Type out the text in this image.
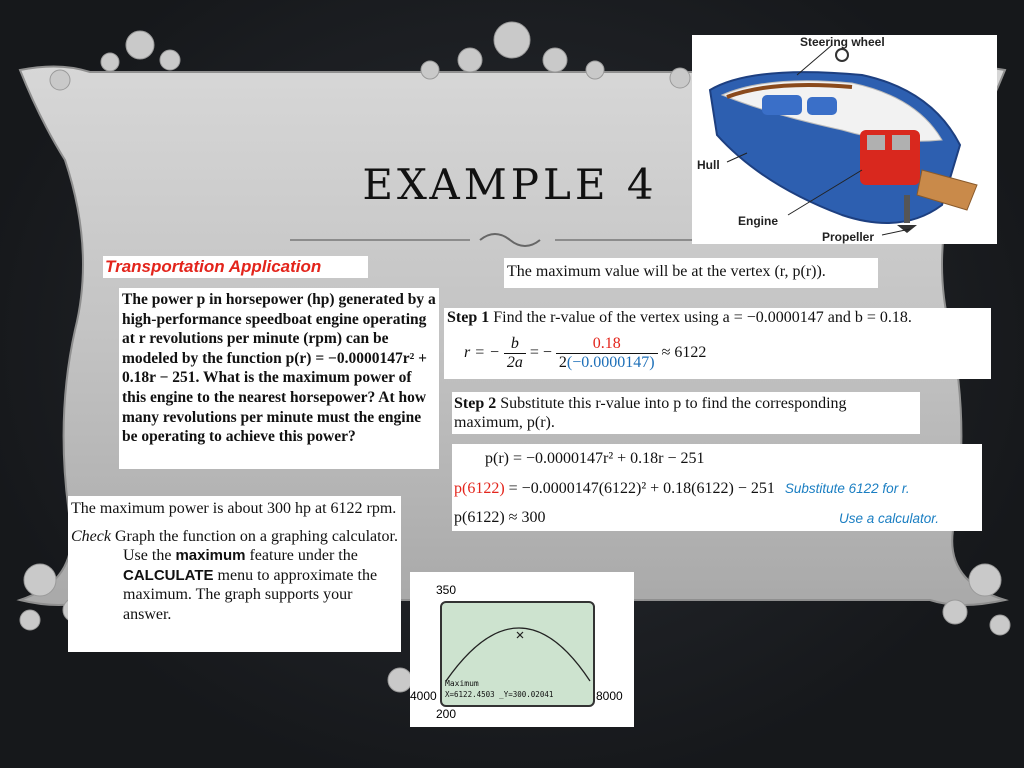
EXAMPLE 4
Transportation Application
The power p in horsepower (hp) generated by a high-performance speedboat engine operating at r revolutions per minute (rpm) can be modeled by the function p(r) = −0.0000147r² + 0.18r − 251. What is the maximum power of this engine to the nearest horsepower? At how many revolutions per minute must the engine be operating to achieve this power?
The maximum value will be at the vertex (r, p(r)).
Step 1 Find the r-value of the vertex using a = −0.0000147 and b = 0.18.
r = − $\frac{b}{2a}$ = − $\frac{0.18}{2(-0.0000147)} \approx 6122$
Step 2 Substitute this r-value into p to find the corresponding maximum, p(r).
p(r) = −0.0000147r² + 0.18r − 251
p(6122) = −0.0000147(6122)² + 0.18(6122) − 251 Substitute 6122 for r.
p(6122) ≈ 300	Use a calculator.
The maximum power is about 300 hp at 6122 rpm.
Check Graph the function on a graphing calculator. Use the maximum feature under the CALCULATE menu to approximate the maximum. The graph supports your answer.
350
200
4000	8000
Maximum
X=6122.4503 _Y=300.02041
Steering wheel
Hull
Engine
Propeller
